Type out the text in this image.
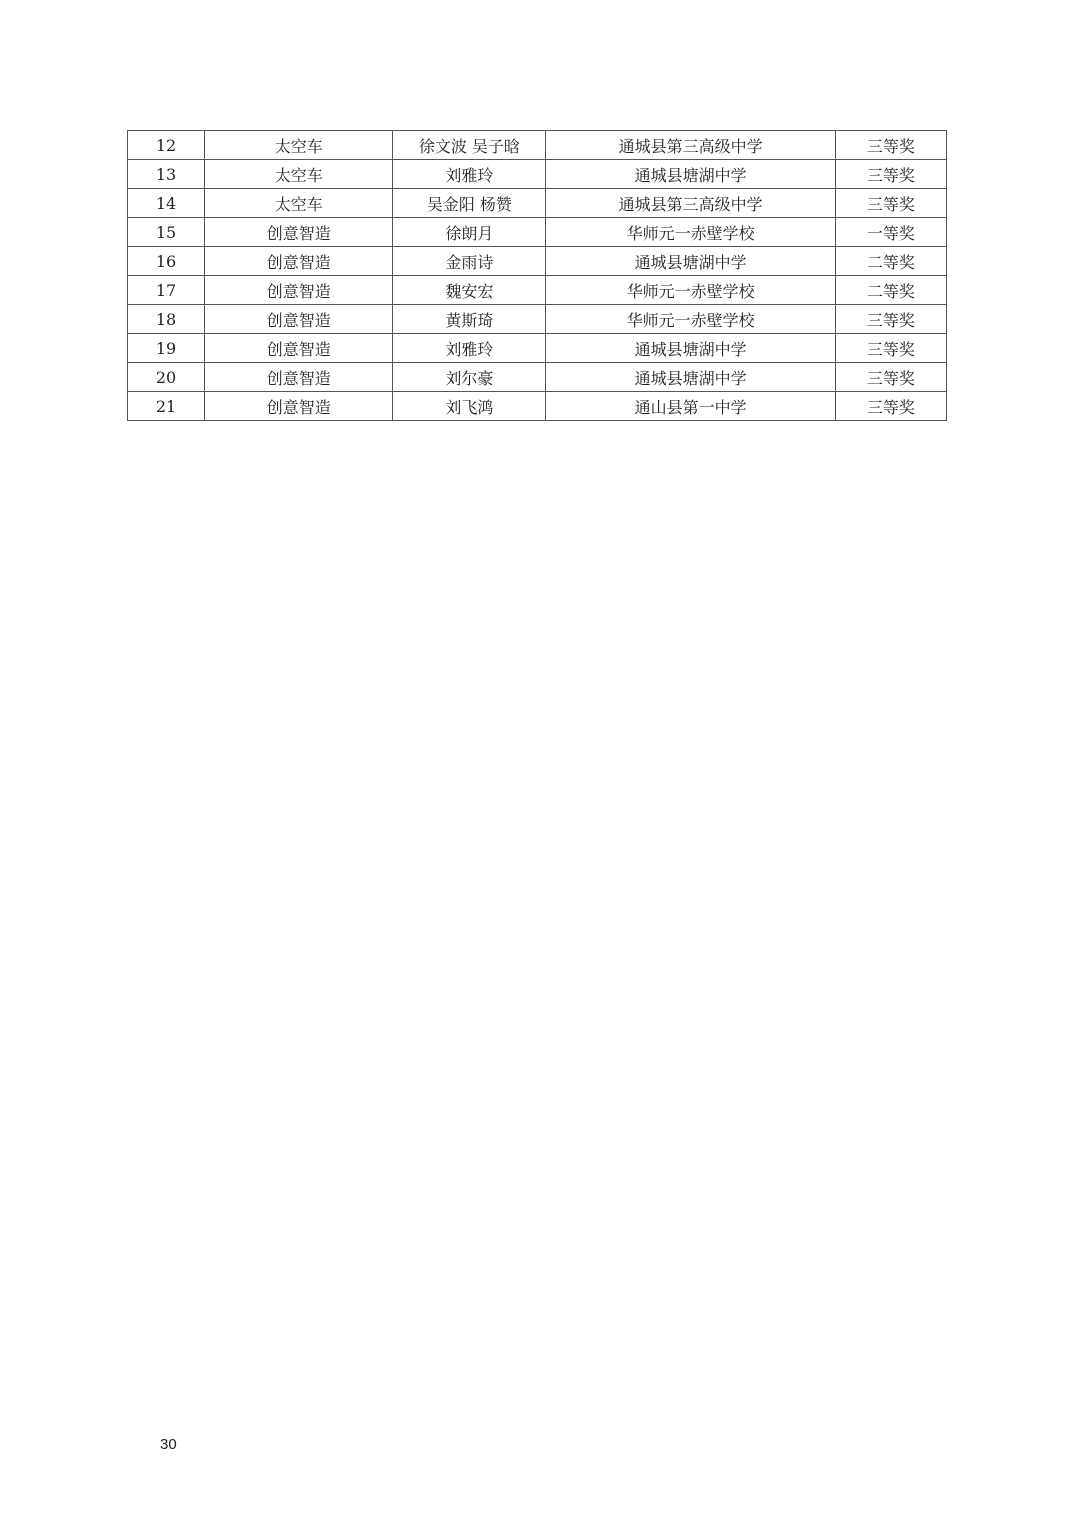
12	太空车	徐文波 吴子晗	通城县第三高级中学	三等奖
13	太空车	刘雅玲	通城县塘湖中学	三等奖
14	太空车	吴金阳 杨赞	通城县第三高级中学	三等奖
15	创意智造	徐朗月	华师元一赤壁学校	一等奖
16	创意智造	金雨诗	通城县塘湖中学	二等奖
17	创意智造	魏安宏	华师元一赤壁学校	二等奖
18	创意智造	黄斯琦	华师元一赤壁学校	三等奖
19	创意智造	刘雅玲	通城县塘湖中学	三等奖
20	创意智造	刘尔豪	通城县塘湖中学	三等奖
21	创意智造	刘飞鸿	通山县第一中学	三等奖
30
